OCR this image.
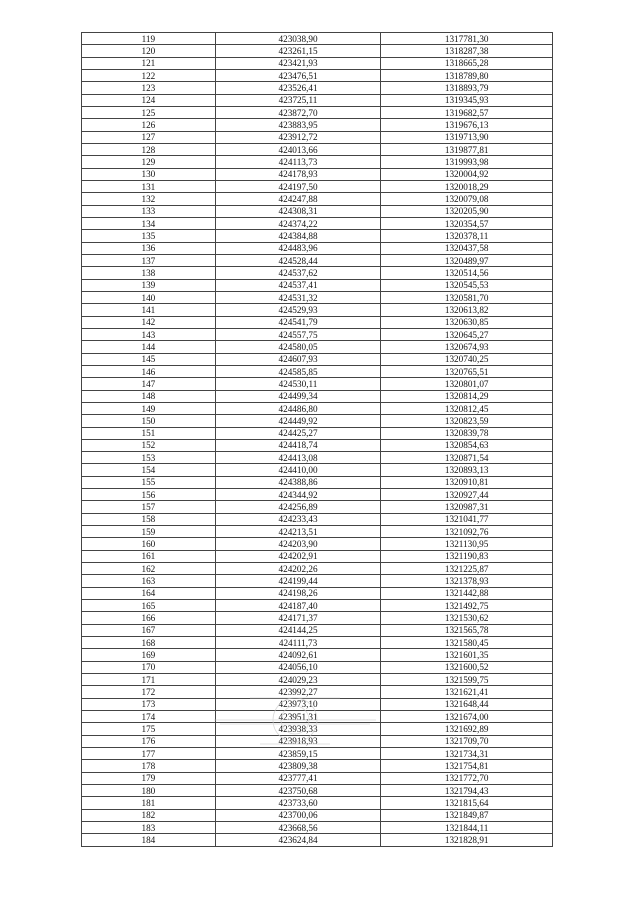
119	423038,90	1317781,30
120	423261,15	1318287,38
121	423421,93	1318665,28
122	423476,51	1318789,80
123	423526,41	1318893,79
124	423725,11	1319345,93
125	423872,70	1319682,57
126	423883,95	1319676,13
127	423912,72	1319713,90
128	424013,66	1319877,81
129	424113,73	1319993,98
130	424178,93	1320004,92
131	424197,50	1320018,29
132	424247,88	1320079,08
133	424308,31	1320205,90
134	424374,22	1320354,57
135	424384,88	1320378,11
136	424483,96	1320437,58
137	424528,44	1320489,97
138	424537,62	1320514,56
139	424537,41	1320545,53
140	424531,32	1320581,70
141	424529,93	1320613,82
142	424541,79	1320630,85
143	424557,75	1320645,27
144	424580,05	1320674,93
145	424607,93	1320740,25
146	424585,85	1320765,51
147	424530,11	1320801,07
148	424499,34	1320814,29
149	424486,80	1320812,45
150	424449,92	1320823,59
151	424425,27	1320839,78
152	424418,74	1320854,63
153	424413,08	1320871,54
154	424410,00	1320893,13
155	424388,86	1320910,81
156	424344,92	1320927,44
157	424256,89	1320987,31
158	424233,43	1321041,77
159	424213,51	1321092,76
160	424203,90	1321130,95
161	424202,91	1321190,83
162	424202,26	1321225,87
163	424199,44	1321378,93
164	424198,26	1321442,88
165	424187,40	1321492,75
166	424171,37	1321530,62
167	424144,25	1321565,78
168	424111,73	1321580,45
169	424092,61	1321601,35
170	424056,10	1321600,52
171	424029,23	1321599,75
172	423992,27	1321621,41
173	423973,10	1321648,44
174	423951,31	1321674,00
175	423938,33	1321692,89
176	423918,93	1321709,70
177	423859,15	1321734,31
178	423809,38	1321754,81
179	423777,41	1321772,70
180	423750,68	1321794,43
181	423733,60	1321815,64
182	423700,06	1321849,87
183	423668,56	1321844,11
184	423624,84	1321828,91
